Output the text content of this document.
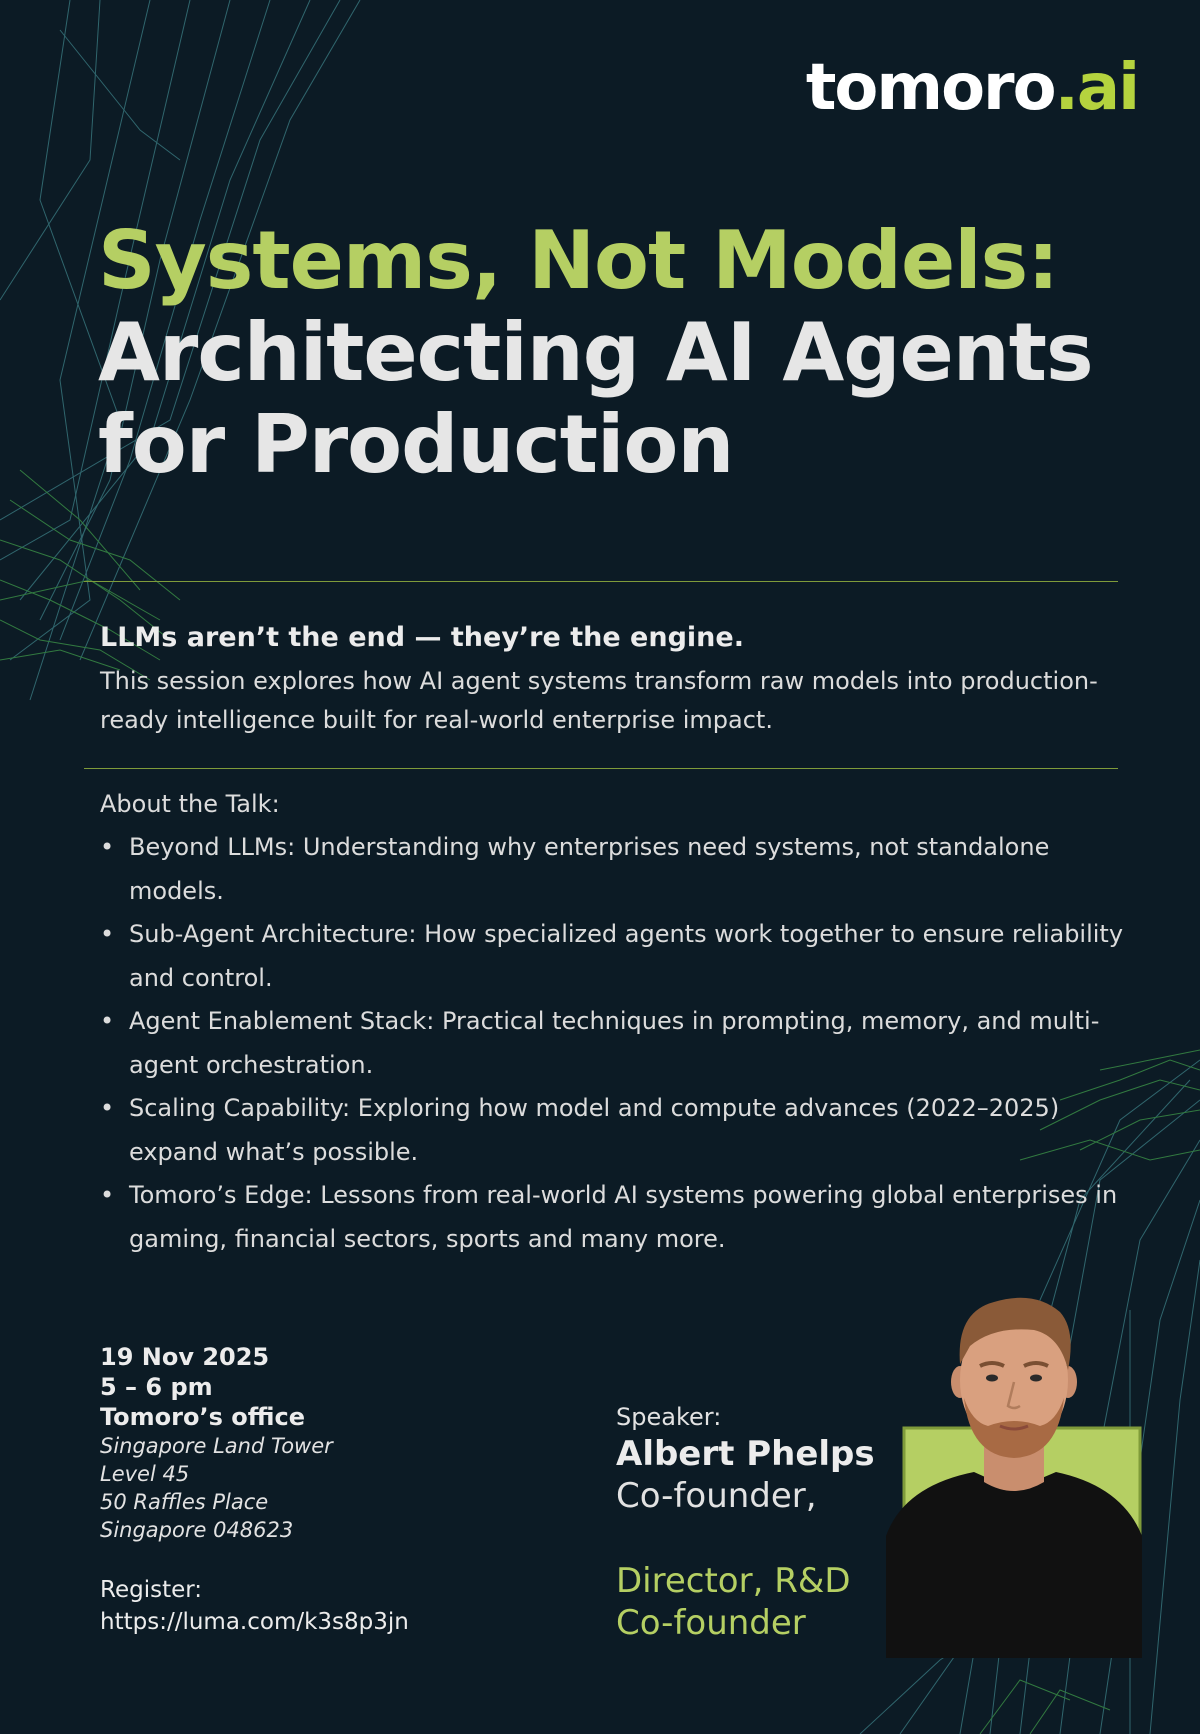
tomoro.ai
Systems, Not Models:
Architecting AI Agents
for Production
LLMs aren’t the end — they’re the engine.
This session explores how AI agent systems transform raw models into production-
ready intelligence built for real-world enterprise impact.
About the Talk:
• Beyond LLMs: Understanding why enterprises need systems, not standalone
models.
• Sub-Agent Architecture: How specialized agents work together to ensure reliability
and control.
• Agent Enablement Stack: Practical techniques in prompting, memory, and multi-
agent orchestration.
• Scaling Capability: Exploring how model and compute advances (2022–2025)
expand what’s possible.
• Tomoro’s Edge: Lessons from real-world AI systems powering global enterprises in
gaming, financial sectors, sports and many more.
19 Nov 2025
5 – 6 pm
Tomoro’s office
Singapore Land Tower
Level 45
50 Raffles Place
Singapore 048623
Register:
https://luma.com/k3s8p3jn
Speaker:
Albert Phelps
Co-founder,
Director, R&D
Co-founder
